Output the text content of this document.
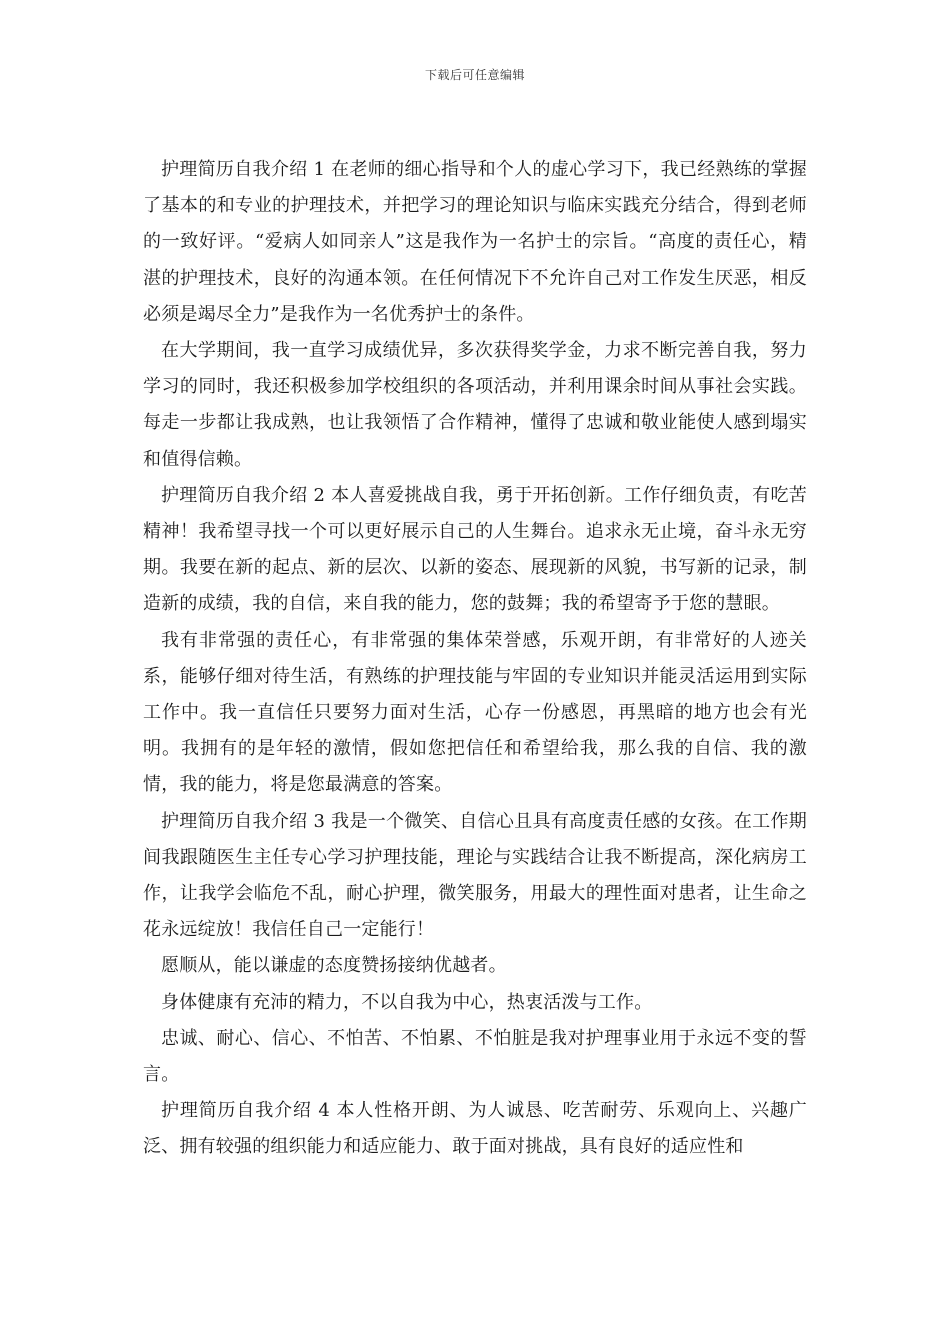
下载后可任意编辑

护理简历自我介绍 1 在老师的细心指导和个人的虚心学习下，我已经熟练的掌握了基本的和专业的护理技术，并把学习的理论知识与临床实践充分结合，得到老师的一致好评。“爱病人如同亲人”这是我作为一名护士的宗旨。“高度的责任心，精湛的护理技术，良好的沟通本领。在任何情况下不允许自己对工作发生厌恶，相反必须是竭尽全力”是我作为一名优秀护士的条件。

在大学期间，我一直学习成绩优异，多次获得奖学金，力求不断完善自我，努力学习的同时，我还积极参加学校组织的各项活动，并利用课余时间从事社会实践。每走一步都让我成熟，也让我领悟了合作精神，懂得了忠诚和敬业能使人感到塌实和值得信赖。

护理简历自我介绍 2 本人喜爱挑战自我，勇于开拓创新。工作仔细负责，有吃苦精神！我希望寻找一个可以更好展示自己的人生舞台。追求永无止境，奋斗永无穷期。我要在新的起点、新的层次、以新的姿态、展现新的风貌，书写新的记录，制造新的成绩，我的自信，来自我的能力，您的鼓舞；我的希望寄予于您的慧眼。

我有非常强的责任心，有非常强的集体荣誉感，乐观开朗，有非常好的人迹关系，能够仔细对待生活，有熟练的护理技能与牢固的专业知识并能灵活运用到实际工作中。我一直信任只要努力面对生活，心存一份感恩，再黑暗的地方也会有光明。我拥有的是年轻的激情，假如您把信任和希望给我，那么我的自信、我的激情，我的能力，将是您最满意的答案。

护理简历自我介绍 3 我是一个微笑、自信心且具有高度责任感的女孩。在工作期间我跟随医生主任专心学习护理技能，理论与实践结合让我不断提高，深化病房工作，让我学会临危不乱，耐心护理，微笑服务，用最大的理性面对患者，让生命之花永远绽放！我信任自己一定能行！

愿顺从，能以谦虚的态度赞扬接纳优越者。

身体健康有充沛的精力，不以自我为中心，热衷活泼与工作。

忠诚、耐心、信心、不怕苦、不怕累、不怕脏是我对护理事业用于永远不变的誓言。

护理简历自我介绍 4 本人性格开朗、为人诚恳、吃苦耐劳、乐观向上、兴趣广泛、拥有较强的组织能力和适应能力、敢于面对挑战，具有良好的适应性和
